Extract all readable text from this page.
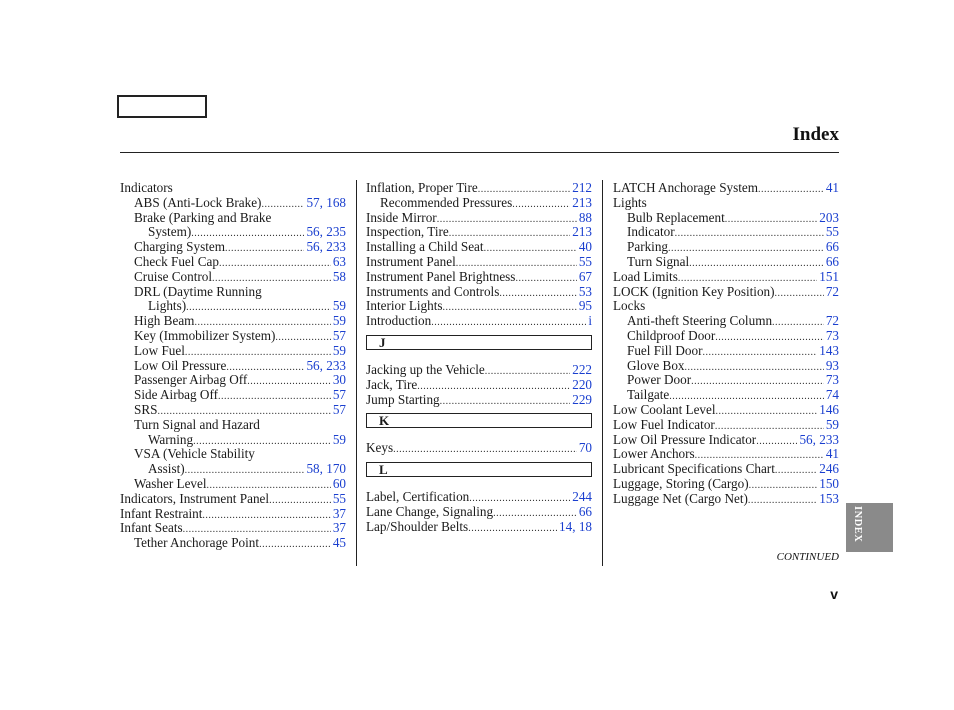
Index
Indicators
ABS (Anti-Lock Brake) .....	57, 168
Brake (Parking and Brake
System) .....	56, 235
Charging System .....	56, 233
Check Fuel Cap .....	63
Cruise Control .....	58
DRL (Daytime Running
Lights) .....	59
High Beam .....	59
Key (Immobilizer System) .....	57
Low Fuel .....	59
Low Oil Pressure .....	56, 233
Passenger Airbag Off .....	30
Side Airbag Off .....	57
SRS .....	57
Turn Signal and Hazard
Warning .....	59
VSA (Vehicle Stability
Assist) .....	58, 170
Washer Level .....	60
Indicators, Instrument Panel .....	55
Infant Restraint .....	37
Infant Seats .....	37
Tether Anchorage Point .....	45
Inflation, Proper Tire .....	212
Recommended Pressures .....	213
Inside Mirror .....	88
Inspection, Tire .....	213
Installing a Child Seat .....	40
Instrument Panel .....	55
Instrument Panel Brightness .....	67
Instruments and Controls .....	53
Interior Lights .....	95
Introduction .....	i
J
Jacking up the Vehicle .....	222
Jack, Tire .....	220
Jump Starting .....	229
K
Keys .....	70
L
Label, Certification .....	244
Lane Change, Signaling .....	66
Lap/Shoulder Belts .....	14, 18
LATCH Anchorage System .....	41
Lights
Bulb Replacement .....	203
Indicator .....	55
Parking .....	66
Turn Signal .....	66
Load Limits .....	151
LOCK (Ignition Key Position) .....	72
Locks
Anti-theft Steering Column .....	72
Childproof Door .....	73
Fuel Fill Door .....	143
Glove Box .....	93
Power Door .....	73
Tailgate .....	74
Low Coolant Level .....	146
Low Fuel Indicator .....	59
Low Oil Pressure Indicator .....	56, 233
Lower Anchors .....	41
Lubricant Specifications Chart .....	246
Luggage, Storing (Cargo) .....	150
Luggage Net (Cargo Net) .....	153
INDEX
CONTINUED
v
